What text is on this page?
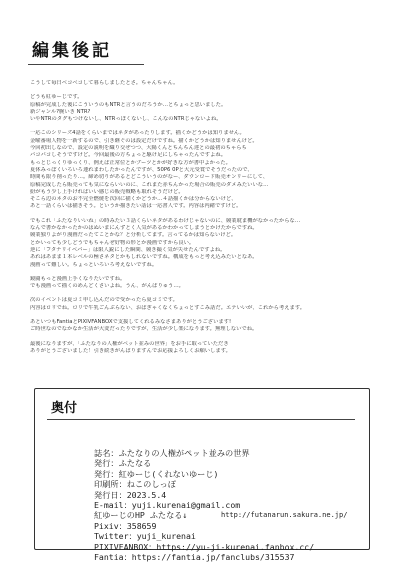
編集後記
こうして毎日ベコベコして暮らしましたとさ。ちゃんちゃん。
どうも紅ゆーじです。
原稿が完成した後にこういうのもNTRと言うのだろうか…とちょっと思いました。
新ジャンル?腕いき NTR?
いやNTRのタグもつけないし、NTRっぽくないし、こんなのNTRじゃないよね。
一応このシリーズ4話をくらいまではネタがあったりします。描くかどうかは知りません。
金曜番場人物を一新するので、引き継ぐのは設定だけですね。描くかどうかは知りませんけど。
今回初出しなので、設定の説明を織り交ぜつつ、大陽くんとちんちん達との最初のちゃらち
バコバコしそうですけど。今回最後の方ちょっと駆け足にしちゃったんですよね。
もっとじっくりゆっくり、例えば正常位とかブーツとかが好きな方が書中よかった。
夏休みっぽくいろいろ連れまわしたかったんですが、50P6 0Pと大元受賞でそうだったので、
時間も限り削ったり…。締め切りがあるとどこういうのがなー、ダウンロード販売オンリーにして、
原稿完成したら販売っても気にならいいのに、これまた赤ちんかった場合の販売のダメみたいいな…
紛がもう少し上手ければいい感じの販売戦略も取れそうだけど。
そこら辺のネタのお不完全燃焼を次回に描くかどうか…４話描くかは分からないけど、
あと一話くらいは描きそう。というか描きたい話は一応書人です。内容は内緒ですけど。
でもこれ「ふたなりいいね」の時みたい３話くらいネタがあるわけじゃないのに、競業耽ま機がなかったからな…
なんで書かなかったかのはぬいまにんずとく人気があるかわかってしまうとかけたからですね。
競業独りよがり漫画だったてことかな？と分析してます。言ってるかは知らないけど。
とかいっても少しどうでもちゃんぜ好物の形とか漫画ですから良い。
逆に「フタナリイベバー」は限人鋭にした瞬間、競き撮く気が失せたんですよね。
あれはあまま１本レベルの極さネタとかもしれないですね。構成をもっと考え込みたいとなあ。
漫画って難しい。ちょっといろいろ考えないですね。
鏡闘もっと漫画上手くなりたいですね。
でも漫画って描くのめんどくさいよね。うん、がんばりゅう…。
次のイベントは夏コミ申し込んだので受かったら夏コミです。
内容はロリでね。ロリで牛乳ごんぶらない、おばぎゃくなくちょっとすこみ話だ。エテいいが、これから考えます。
あといつもFantiaとPIXIVFANBOXで支援してくれるみなさまありがとうございます!
ご時世なのでなかなか生活が大変だったりですが、生活が少し楽になります。無理しないでね。
最後になりますが、「ふたなりの人権がペット並みの世界」をお手に取っていただき
ありがとうございました！引き続きがんばりますんでお応援よろしくお願いします。
奥付
誌名：ふたなりの人権がペット並みの世界
発行：ふたなる
発行：紅ゆーじ(くれないゆーじ)
印刷所：ねこのしっぽ
発行日：2023.5.4
E-mail：yuji.kurenai@gmail.com
紅ゆーじのHP ふたなる↓	http://futanarun.sakura.ne.jp/
Pixiv：358659
Twitter：yuji_kurenai
PIXIVFANBOX：https://yu-ji-kurenai.fanbox.cc/
Fantia：https://fantia.jp/fanclubs/315537
